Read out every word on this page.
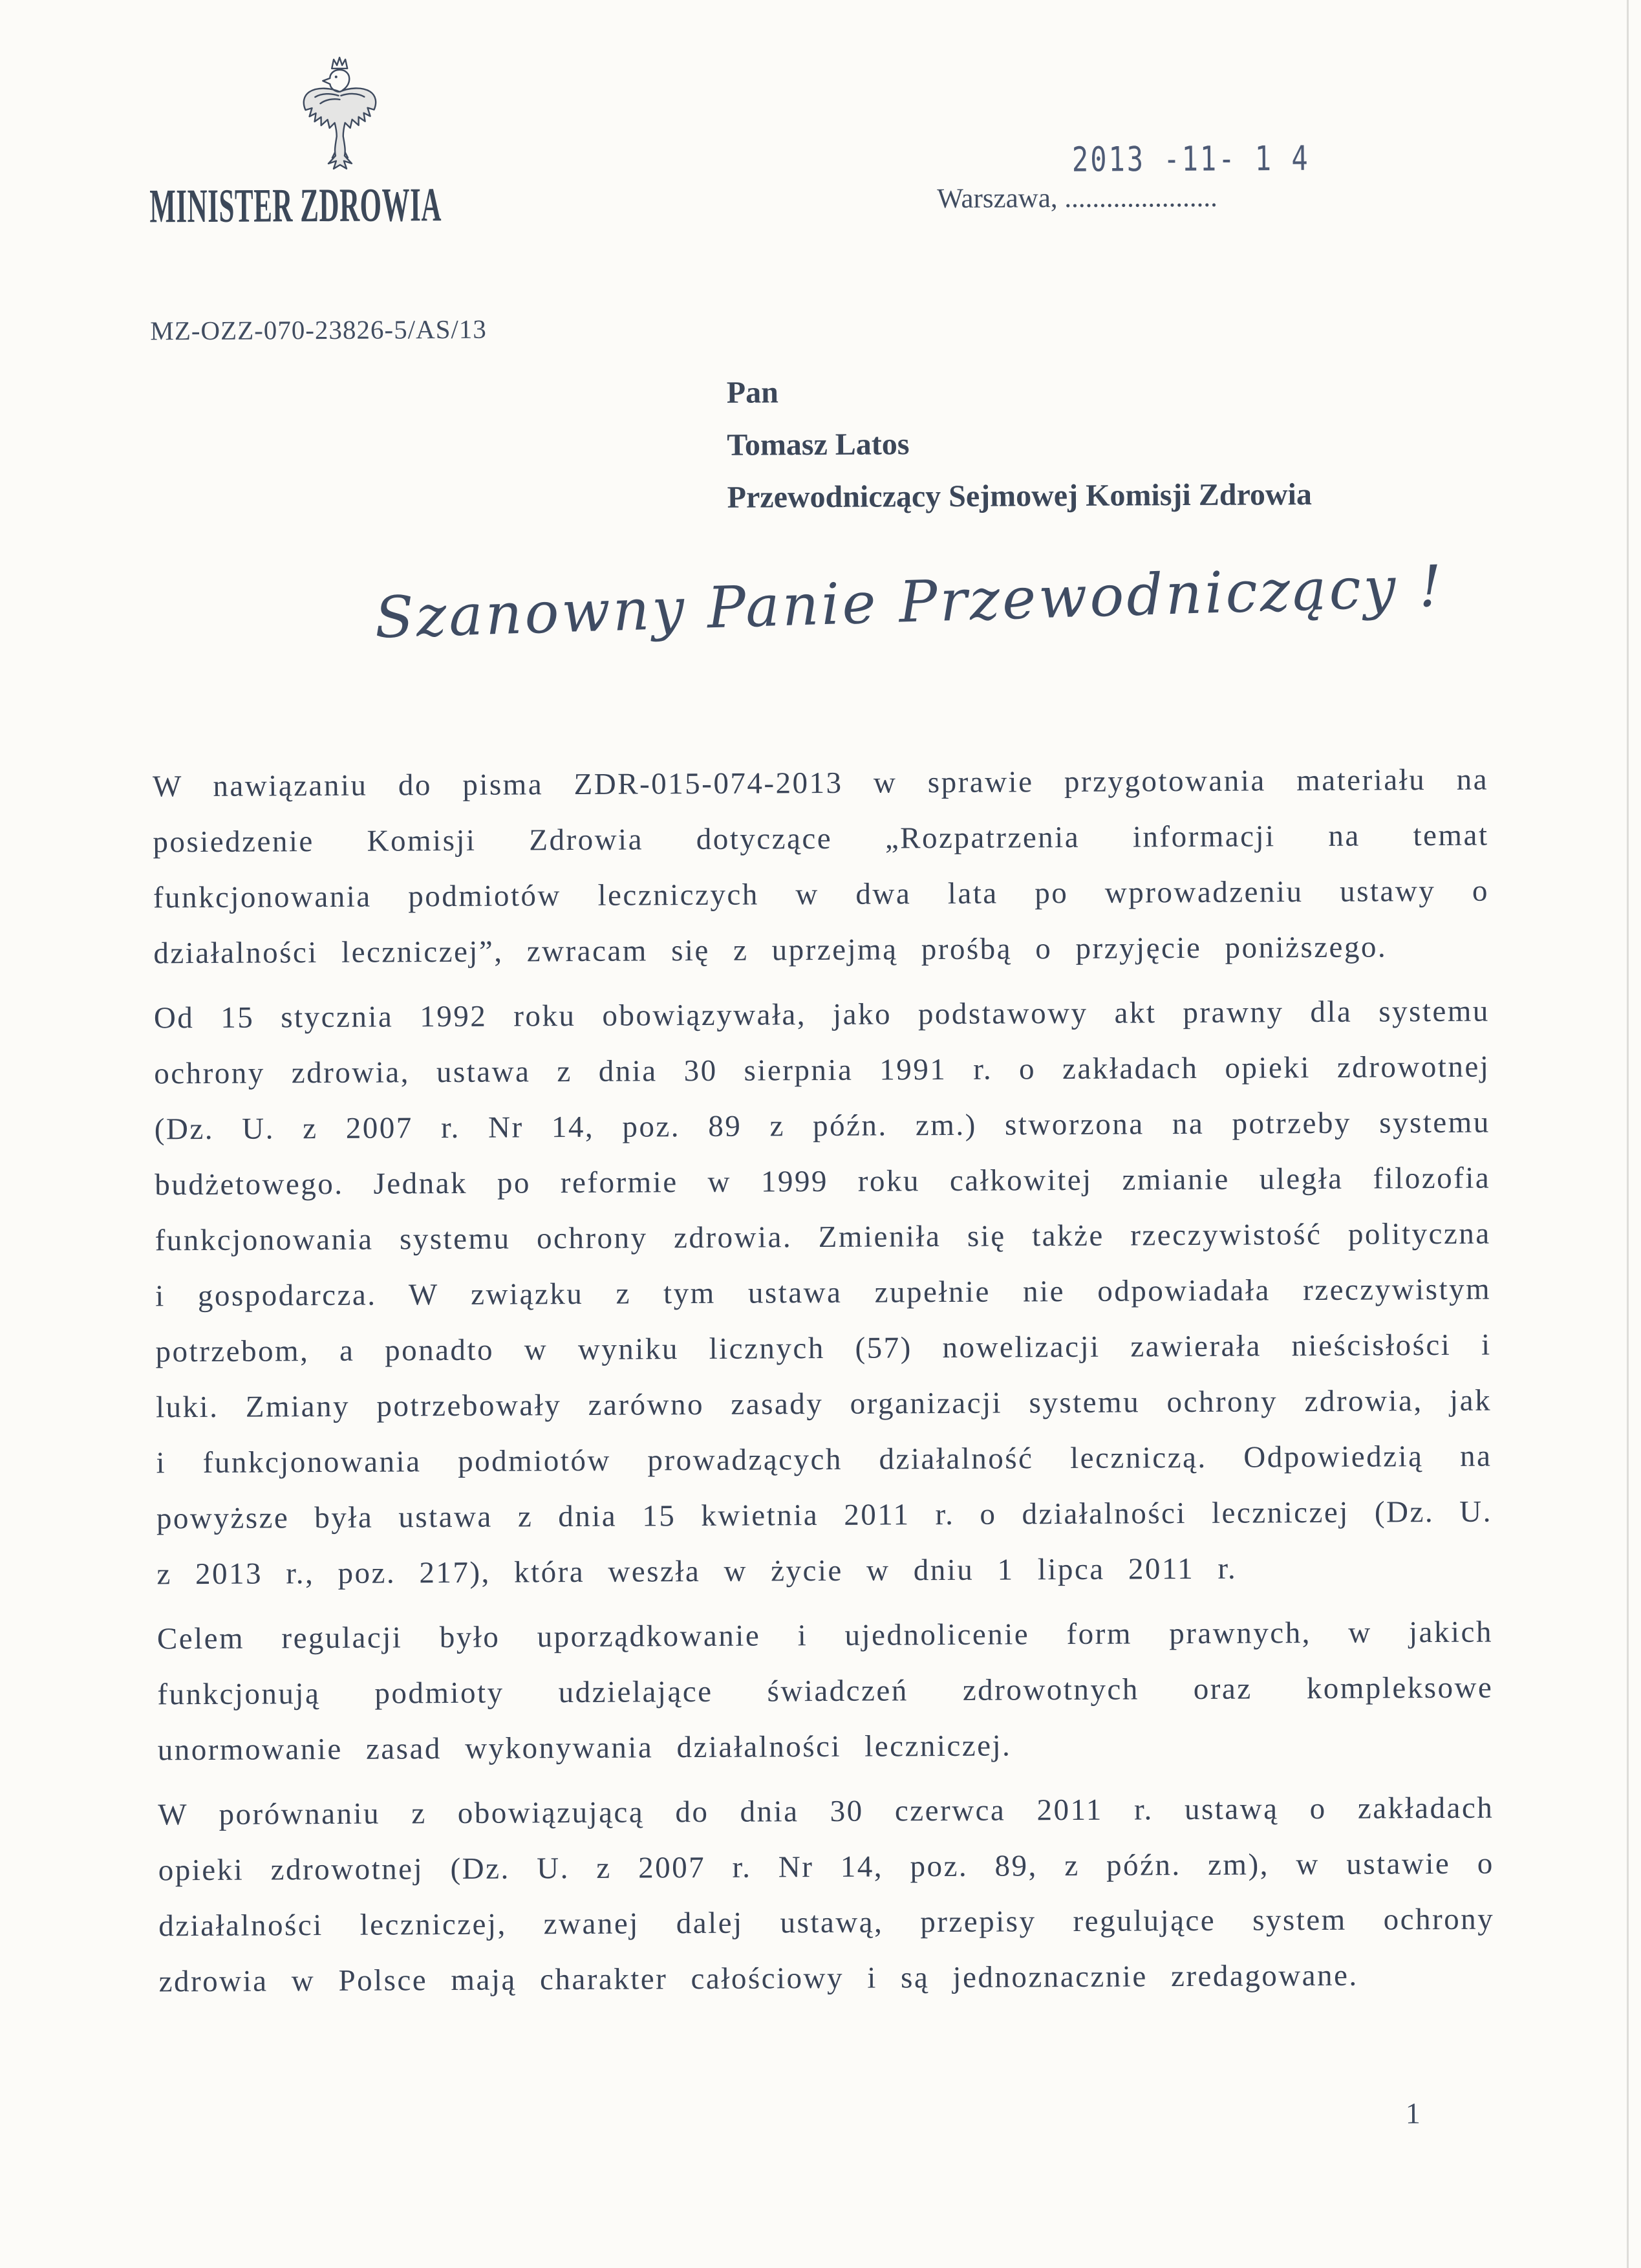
MINISTER ZDROWIA
2013 -11- 1 4
Warszawa, ......................
MZ-OZZ-070-23826-5/AS/13
Pan
Tomasz Latos
Przewodniczący Sejmowej Komisji Zdrowia
Szanowny Panie Przewodniczący !

W nawiązaniu do pisma ZDR-015-074-2013 w sprawie przygotowania materiału na posiedzenie Komisji Zdrowia dotyczące „Rozpatrzenia informacji na temat funkcjonowania podmiotów leczniczych w dwa lata po wprowadzeniu ustawy o działalności leczniczej”, zwracam się z uprzejmą prośbą o przyjęcie poniższego.

Od 15 stycznia 1992 roku obowiązywała, jako podstawowy akt prawny dla systemu ochrony zdrowia, ustawa z dnia 30 sierpnia 1991 r. o zakładach opieki zdrowotnej (Dz. U. z 2007 r. Nr 14, poz. 89 z późn. zm.) stworzona na potrzeby systemu budżetowego. Jednak po reformie w 1999 roku całkowitej zmianie uległa filozofia funkcjonowania systemu ochrony zdrowia. Zmieniła się także rzeczywistość polityczna i gospodarcza. W związku z tym ustawa zupełnie nie odpowiadała rzeczywistym potrzebom, a ponadto w wyniku licznych (57) nowelizacji zawierała nieścisłości i luki. Zmiany potrzebowały zarówno zasady organizacji systemu ochrony zdrowia, jak i funkcjonowania podmiotów prowadzących działalność leczniczą. Odpowiedzią na powyższe była ustawa z dnia 15 kwietnia 2011 r. o działalności leczniczej (Dz. U. z 2013 r., poz. 217), która weszła w życie w dniu 1 lipca 2011 r.

Celem regulacji było uporządkowanie i ujednolicenie form prawnych, w jakich funkcjonują podmioty udzielające świadczeń zdrowotnych oraz kompleksowe unormowanie zasad wykonywania działalności leczniczej.

W porównaniu z obowiązującą do dnia 30 czerwca 2011 r. ustawą o zakładach opieki zdrowotnej (Dz. U. z 2007 r. Nr 14, poz. 89, z późn. zm), w ustawie o działalności leczniczej, zwanej dalej ustawą, przepisy regulujące system ochrony zdrowia w Polsce mają charakter całościowy i są jednoznacznie zredagowane.

1
